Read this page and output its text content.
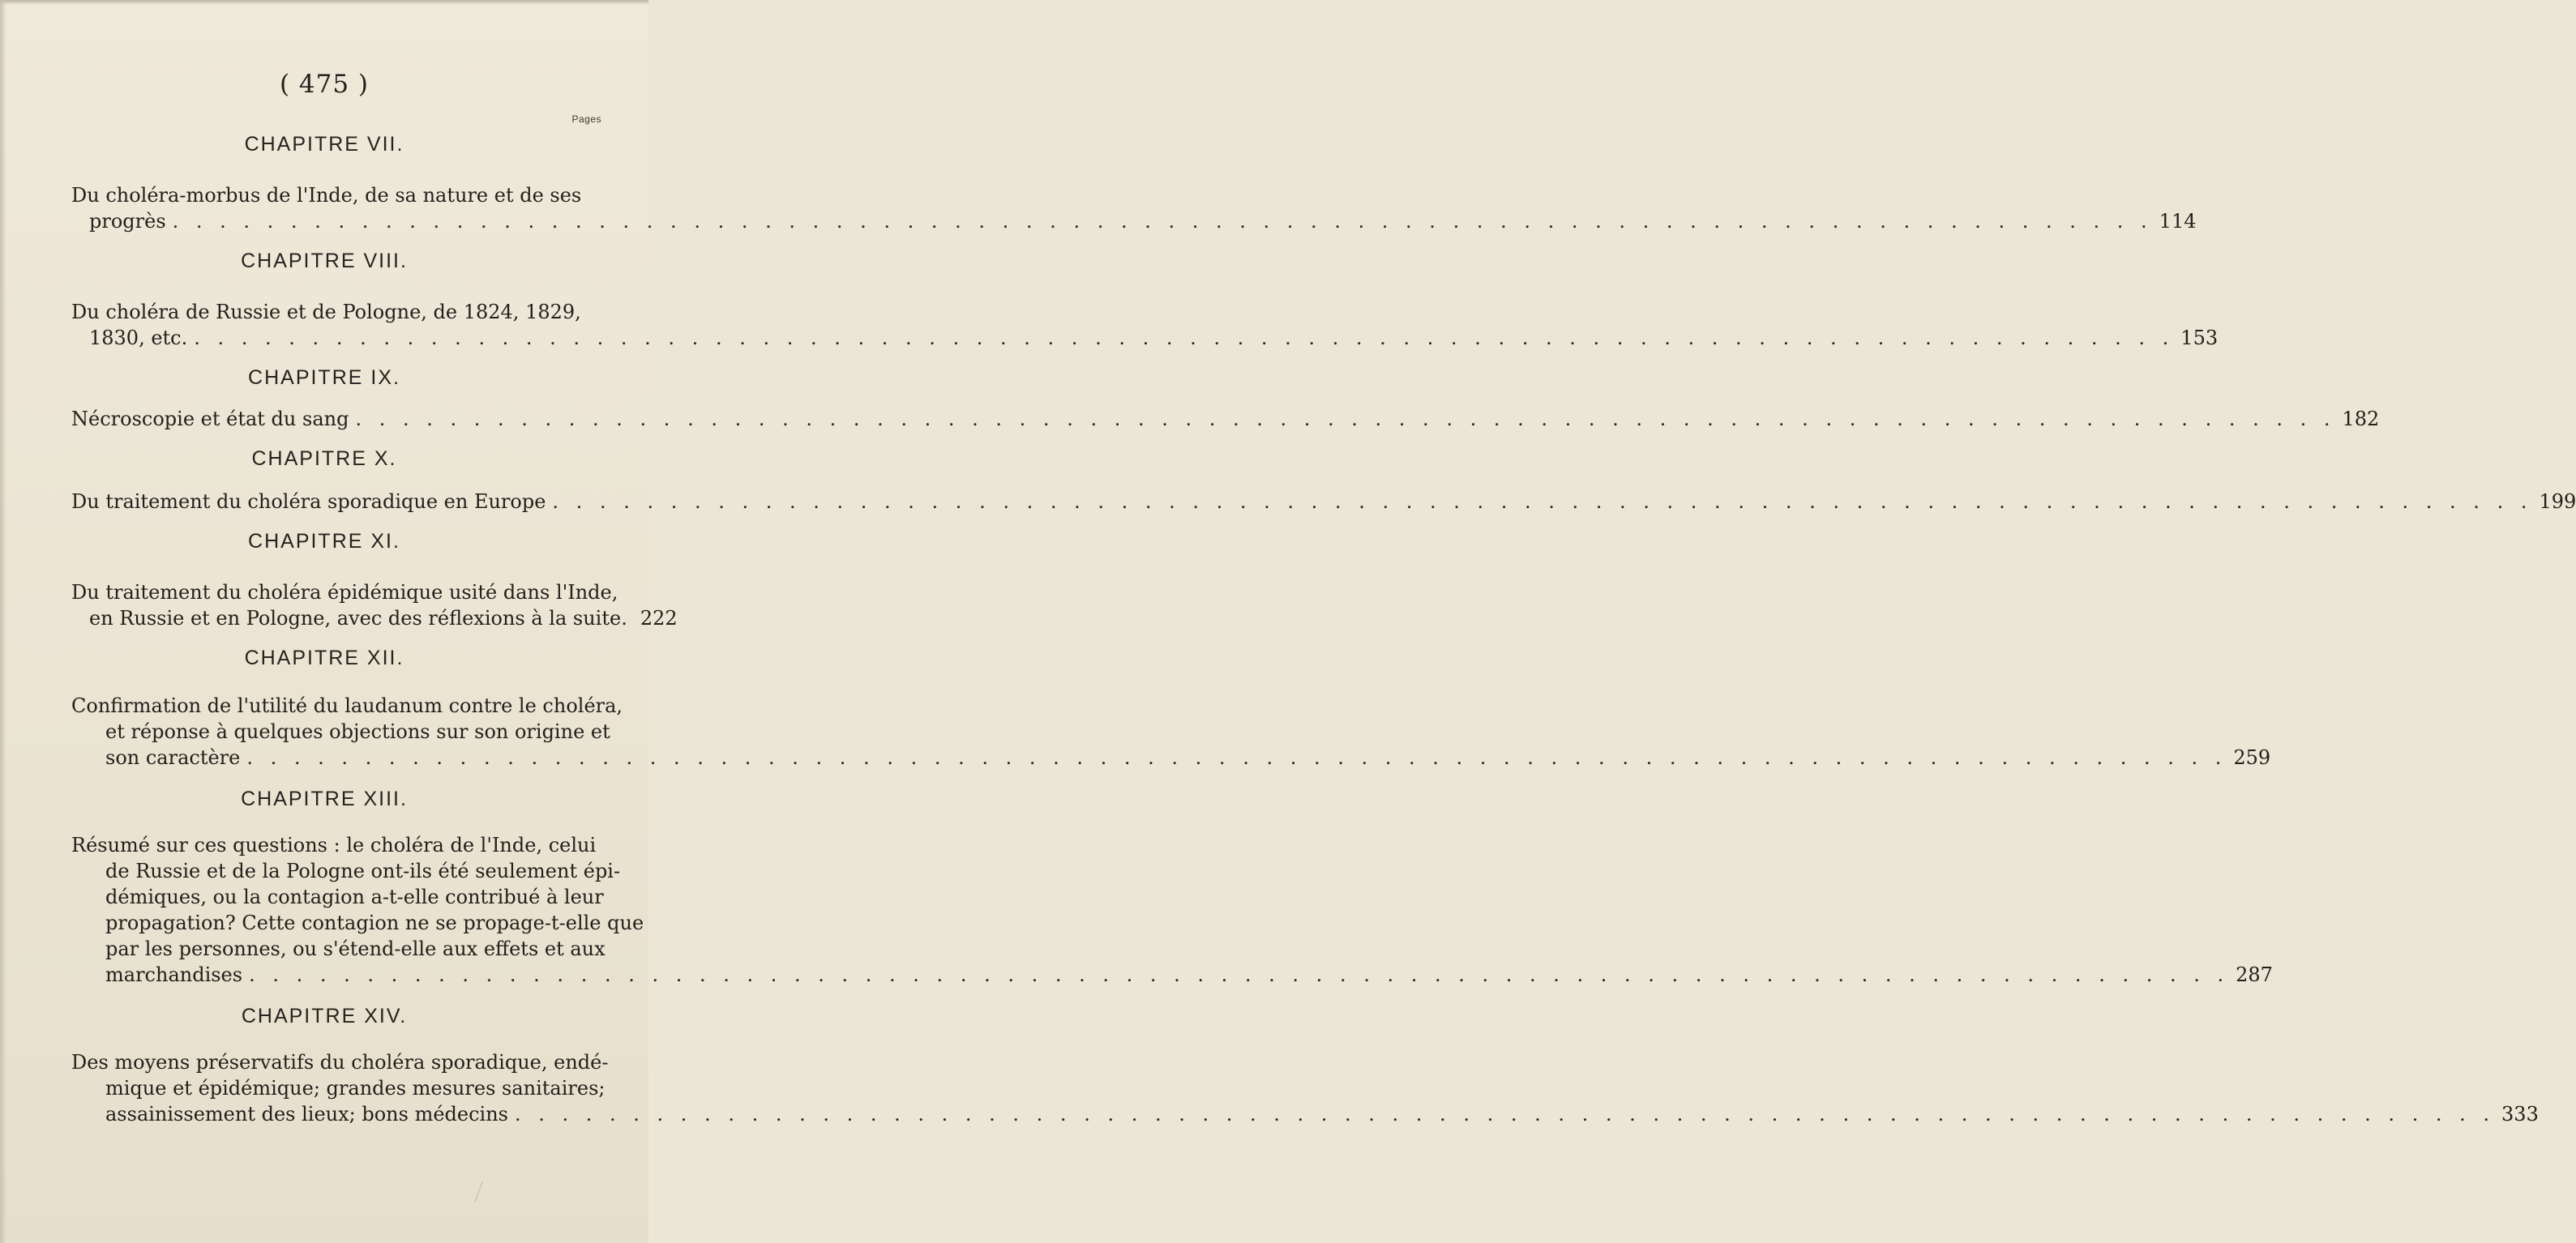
( 475 )
Pages
CHAPITRE VII.
Du choléra-morbus de l'Inde, de sa nature et de ses
progrès . . .	114
CHAPITRE VIII.
Du choléra de Russie et de Pologne, de 1824, 1829,
1830, etc. . . .	153
CHAPITRE IX.
Nécroscopie et état du sang . . .	182
CHAPITRE X.
Du traitement du choléra sporadique en Europe . . .	199
CHAPITRE XI.
Du traitement du choléra épidémique usité dans l'Inde,
en Russie et en Pologne, avec des réflexions à la suite. 222
CHAPITRE XII.
Confirmation de l'utilité du laudanum contre le choléra,
et réponse à quelques objections sur son origine et
son caractère . . .	259
CHAPITRE XIII.
Résumé sur ces questions : le choléra de l'Inde, celui
de Russie et de la Pologne ont-ils été seulement épi-
démiques, ou la contagion a-t-elle contribué à leur
propagation? Cette contagion ne se propage-t-elle que
par les personnes, ou s'étend-elle aux effets et aux
marchandises . . .	287
CHAPITRE XIV.
Des moyens préservatifs du choléra sporadique, endé-
mique et épidémique; grandes mesures sanitaires;
assainissement des lieux; bons médecins . . .	333
